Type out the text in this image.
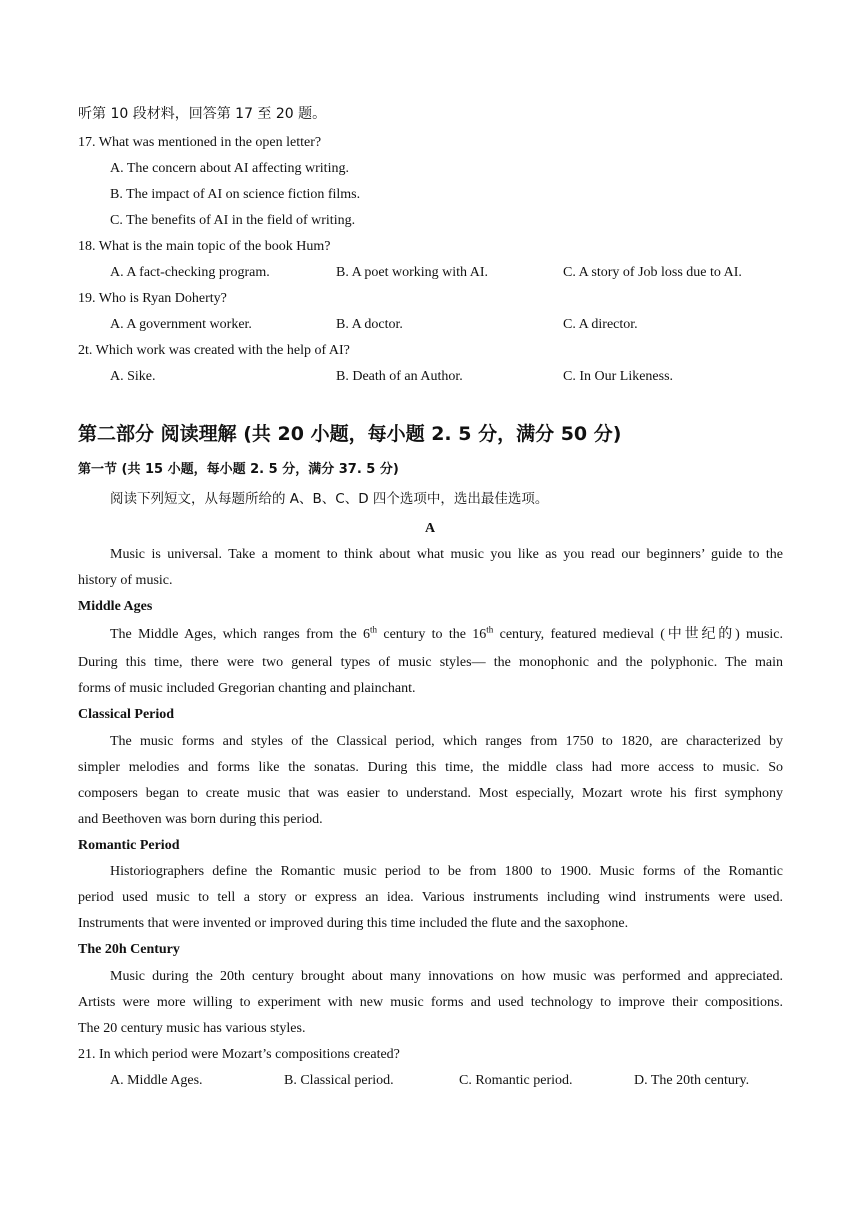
听第 10 段材料，回答第 17 至 20 题。
17. What was mentioned in the open letter?
A. The concern about AI affecting writing.
B. The impact of AI on science fiction films.
C. The benefits of AI in the field of writing.
18. What is the main topic of the book Hum?
A. A fact-checking program.	B. A poet working with AI.	C. A story of Job loss due to AI.
19. Who is Ryan Doherty?
A. A government worker.	B. A doctor.	C. A director.
2t. Which work was created with the help of AI?
A. Sike.	B. Death of an Author.	C. In Our Likeness.
第二部分 阅读理解 (共 20 小题，每小题 2. 5 分，满分 50 分)
第一节 (共 15 小题，每小题 2. 5 分，满分 37. 5 分)
阅读下列短文，从每题所给的 A、B、C、D 四个选项中，选出最佳选项。
A
Music is universal. Take a moment to think about what music you like as you read our beginners’ guide to the
history of music.
Middle Ages
The Middle Ages, which ranges from the 6th century to the 16th century, featured medieval (中世纪的) music.
During this time, there were two general types of music styles— the monophonic and the polyphonic. The main
forms of music included Gregorian chanting and plainchant.
Classical Period
The music forms and styles of the Classical period, which ranges from 1750 to 1820, are characterized by
simpler melodies and forms like the sonatas. During this time, the middle class had more access to music. So
composers began to create music that was easier to understand. Most especially, Mozart wrote his first symphony
and Beethoven was born during this period.
Romantic Period
Historiographers define the Romantic music period to be from 1800 to 1900. Music forms of the Romantic
period used music to tell a story or express an idea. Various instruments including wind instruments were used.
Instruments that were invented or improved during this time included the flute and the saxophone.
The 20h Century
Music during the 20th century brought about many innovations on how music was performed and appreciated.
Artists were more willing to experiment with new music forms and used technology to improve their compositions.
The 20 century music has various styles.
21. In which period were Mozart’s compositions created?
A. Middle Ages.	B. Classical period.	C. Romantic period.	D. The 20th century.
